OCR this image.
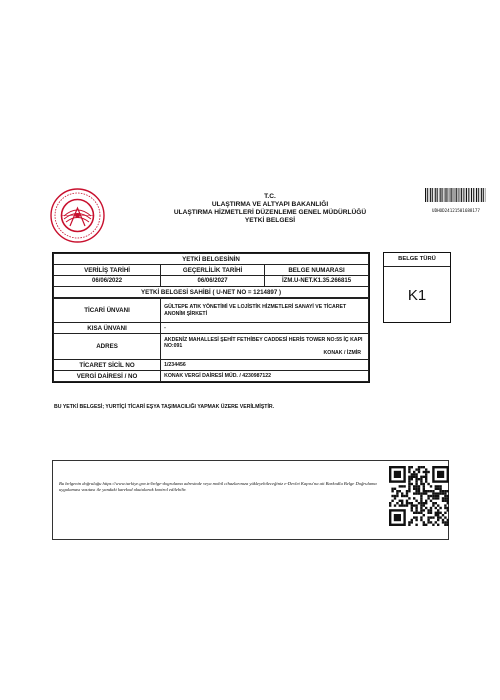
T.C.
ULAŞTIRMA VE ALTYAPI BAKANLIĞI
ULAŞTIRMA HİZMETLERİ DÜZENLEME GENEL MÜDÜRLÜĞÜ
YETKİ BELGESİ
UDHOD24121501688177
YETKİ BELGESİNİN		
VERİLİŞ TARİHİ	GEÇERLİLİK TARİHİ	BELGE NUMARASI
06/06/2022	06/06/2027	İZM.U-NET.K1.35.266815
YETKİ BELGESİ SAHİBİ ( U-NET NO = 1214897 )		
TİCARİ ÜNVANI	GÜLTEPE ATIK YÖNETİMİ VE LOJİSTİK HİZMETLERİ SANAYİ VE TİCARET ANONİM ŞİRKETİ
KISA ÜNVANI	-
ADRES	AKDENİZ MAHALLESİ ŞEHİT FETHİBEY CADDESİ HERİS TOWER NO:55 İÇ KAPI NO:091
KONAK / İZMİR

TİCARET SİCİL NO	1/234456
VERGİ DAİRESİ / NO	KONAK VERGİ DAİRESİ MÜD. / 4230987122
BELGE TÜRÜ
K1
BU YETKİ BELGESİ; YURTİÇİ TİCARİ EŞYA TAŞIMACILIĞI YAPMAK ÜZERE VERİLMİŞTİR.
Bu belgenin doğruluğu https://www.turkiye.gov.tr/belge-dogrulama adresinde veya mobil cihazlarınıza yükleyebileceğiniz e-Devlet Kapısı'na ait Barkodlu Belge Doğrulama uygulaması vasıtası ile yandaki karekod okutularak kontrol edilebilir.
